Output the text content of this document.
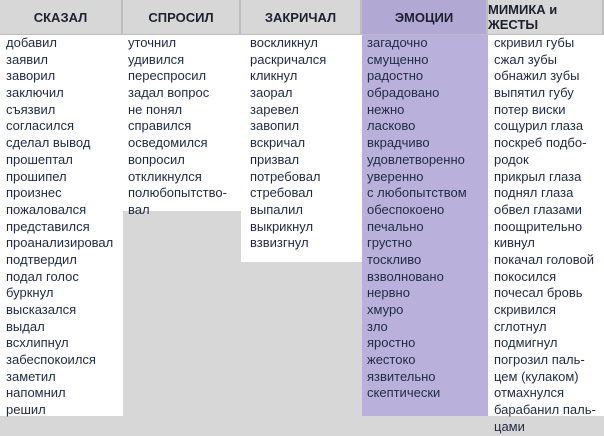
СКАЗАЛ
добавил
заявил
заворил
заключил
съязвил
согласился
сделал вывод
прошептал
прошипел
произнес
пожаловался
представился
проанализировал
подтвердил
подал голос
буркнул
высказался
выдал
всхлипнул
забеспокоился
заметил
напомнил
решил
СПРОСИЛ
уточнил
удивился
переспросил
задал вопрос
не понял
справился
осведомился
вопросил
откликнулся
полюбопытство-
вал
ЗАКРИЧАЛ
воскликнул
раскричался
кликнул
заорал
заревел
завопил
вскричал
призвал
потребовал
стребовал
выпалил
выкрикнул
взвизгнул
ЭМОЦИИ
загадочно
смущенно
радостно
обрадовано
нежно
ласково
вкрадчиво
удовлетворенно
уверенно
с любопытством
обеспокоено
печально
грустно
тоскливо
взволновано
нервно
хмуро
зло
яростно
жестоко
язвительно
скептически
МИМИКА и ЖЕСТЫ
скривил губы
сжал зубы
обнажил зубы
выпятил губу
потер виски
сощурил глаза
поскреб подбо-
родок
прикрыл глаза
поднял глаза
обвел глазами
поощрительно
кивнул
покачал головой
покосился
почесал бровь
скривился
сглотнул
подмигнул
погрозил паль-
цем (кулаком)
отмахнулся
барабанил паль-
цами
